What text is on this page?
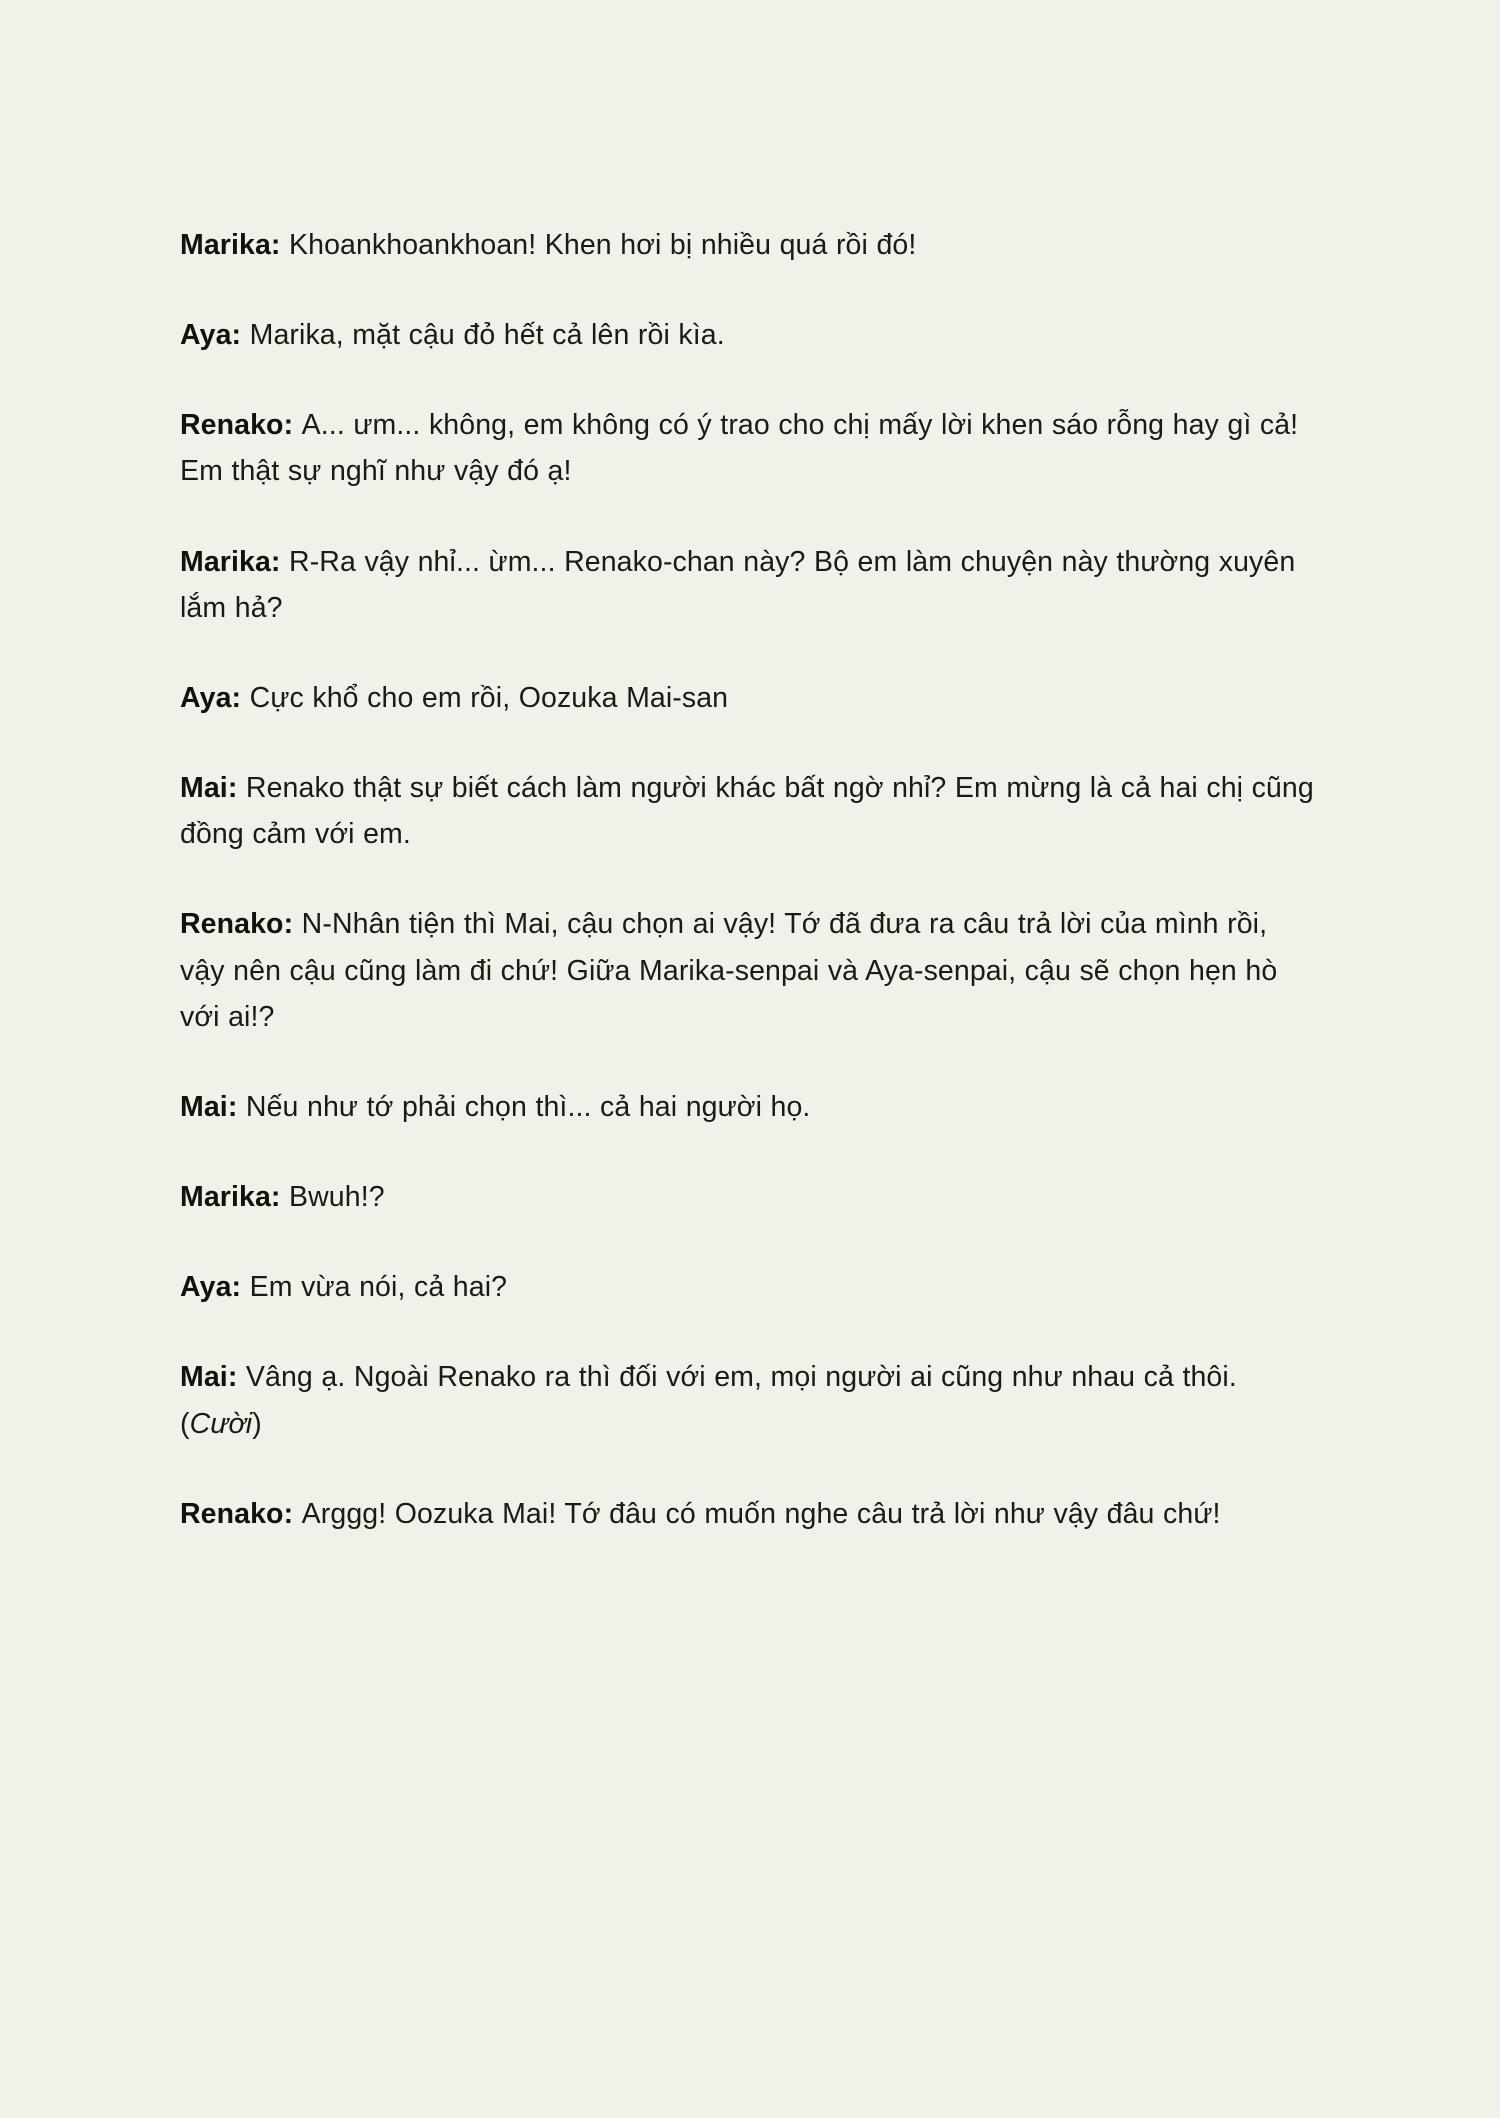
Marika: Khoankhoankhoan! Khen hơi bị nhiều quá rồi đó!

Aya: Marika, mặt cậu đỏ hết cả lên rồi kìa.

Renako: A... ưm... không, em không có ý trao cho chị mấy lời khen sáo rỗng hay gì cả! Em thật sự nghĩ như vậy đó ạ!

Marika: R-Ra vậy nhỉ... ừm... Renako-chan này? Bộ em làm chuyện này thường xuyên lắm hả?

Aya: Cực khổ cho em rồi, Oozuka Mai-san

Mai: Renako thật sự biết cách làm người khác bất ngờ nhỉ? Em mừng là cả hai chị cũng đồng cảm với em.

Renako: N-Nhân tiện thì Mai, cậu chọn ai vậy! Tớ đã đưa ra câu trả lời của mình rồi, vậy nên cậu cũng làm đi chứ! Giữa Marika-senpai và Aya-senpai, cậu sẽ chọn hẹn hò với ai!?

Mai: Nếu như tớ phải chọn thì... cả hai người họ.

Marika: Bwuh!?

Aya: Em vừa nói, cả hai?

Mai: Vâng ạ. Ngoài Renako ra thì đối với em, mọi người ai cũng như nhau cả thôi. (Cười)

Renako: Arggg! Oozuka Mai! Tớ đâu có muốn nghe câu trả lời như vậy đâu chứ!
